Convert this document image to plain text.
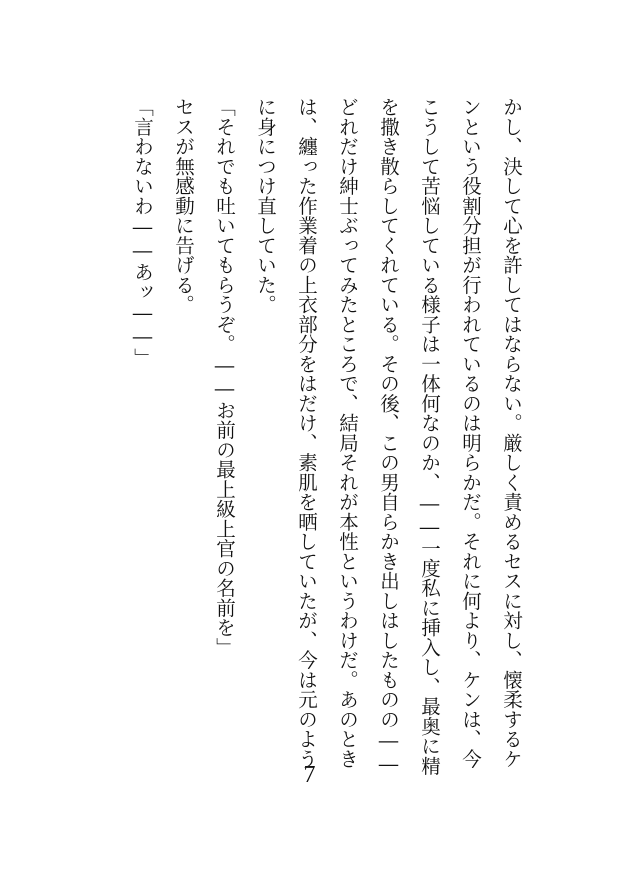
かし、決して心を許してはならない。厳しく責めるセスに対し、懐柔するケ
ンという役割分担が行われているのは明らかだ。それに何より、ケンは、今
こうして苦悩している様子は一体何なのか、――一度私に挿入し、最奥に精
を撒き散らしてくれている。その後、この男自らかき出しはしたものの――
どれだけ紳士ぶってみたところで、結局それが本性というわけだ。あのとき
は、纏った作業着の上衣部分をはだけ、素肌を晒していたが、今は元のよう
に身につけ直していた。
「それでも吐いてもらうぞ。――お前の最上級上官の名前を」
セスが無感動に告げる。
「言わないわ――あッ――」
7
